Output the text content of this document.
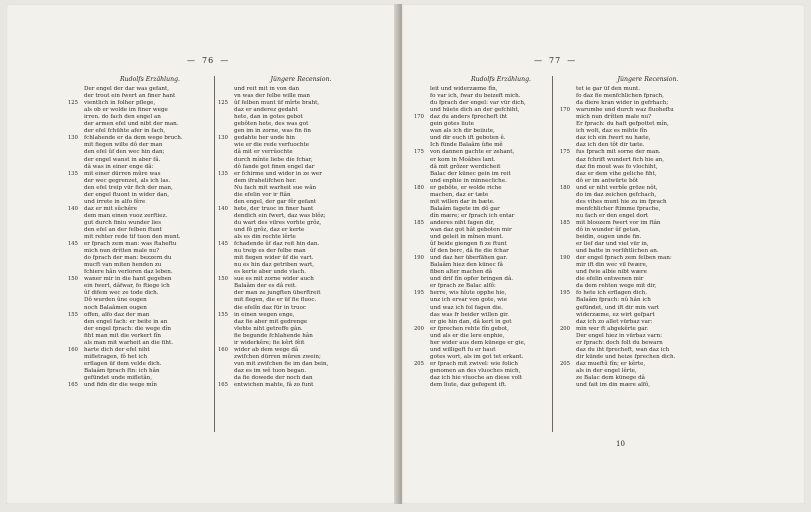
— 76 —
Rudolfs Erzählung.
Der engel der dar was gefant,
der trout ein fwert an finer hant
125	vientlich in folher pflege,
als ob er wolde im finer wege
irren. do fach den engel an
der armen efel und nibt der man.
der efel fchühte afer in fach,
130	fchlahende er da dem wege bruch.
mit fiegen wilte dô der man
den efel ûf den wec hin dan;
der engel wanst in aber fâ.
dâ was in einer enge dâ:
135	mit einer dürren mûre was
der wec gegrenzet, als ich las.
den efel treip vür fich der man,
der engel ftuont in wider dan,
und irrete in alfo fêre
140	daz er mit sûchêre
dem man einen vuoz zerftiez.
gut durch finiu wunder lies
den efel an der felben ftunt
mit rehter rede tif tuon den munt.
145	er fprach zem man: was ftaheftu
mich nun drítten male nu?
do fprach der man: bezzern du
mucft van miten henden zu
fchiere hân verloren daz leben.
150	waner mir in die hant gegeben
ein fwert, dâfwar, fo ftiege ich
ûf difem wec ze tode dich.
Dô wurden ûne ougen
noch Balaâmen ougen
155	offen, alfo daz der man
den engel fach: er beite in an
der engel fprach: die wege dîn
fiht man mit die verkert fîn
als man mit warheit an die fiht.
160	harte dich der efel niht
mifletragen, fô het ich
erflagen üf dem velde dich.
Balaâm fprach ftn: ich hân
gefündet unde mifletân,
165	und fidn dir die wege mîn
Jüngere Recension.
und reit mit in von dan
vn was der felbe wille man
125	ûf felben munt üf mîrte braht,
daz er anderez gedaht
hete, dan in gotes gebot
gebôten hete, des was got
gen im in zorne, was fin fin
130	gedahte her unde hin
wie er die rede verfuochte
dâ mit er verrûochte
durch mînte liebe die fchar,
dô fande got finen engel dar
135	er fchirme und wider in ze wer
dem ifrahelifchen her.
Nu fach mit warheit sue wân
die efelin vor ir ftân
den engel, der gar fêr gefant
140	hete, der truoc in finer hant
dendich ein fwert, daz was blôz;
du wart des vilres vorhte grôz,
und fô grôz, daz er kerte
als es din rechte lêrte
145	fchadende ûf daz reit hin dan.
nu treip es der felbe man
mit fiegen wider üf die vart.
nu es hin daz getriben wart,
es kerte aber unde vlach.
150	sue es mit zorne wider auch
Balaâm der es dâ reit.
der man ze jungften überftreit
mit flegen, die er üf fie fluoc.
die efelîn daz für in truoc
155	in einen wegen enge,
daz fie aber mit gedrenge
vlehte niht getreffe gân.
fie begunde fchlahende hân
ir widerkêre; fie kêrt fêit
160	wider ab dem wege dâ
zwifchen dürren mûren zwein;
vun mit zwifchen fie im dan bein,
daz es im wê tuon began.
da fie dowede der noch dan
165	entwichen mahte, fâ zo funt
— 77 —
Rudolfs Erzählung.
leit und widerzæme fîn,
fo var ich, fwar du beizeft mich.
du fprach der engel: var vür dich,
und hüete dich an der gefchiht,
170	daz du anders fprecheft iht
gein gotes liute
wan als ich dir beiiute,
und dir euch ift geboten ê.
Ich fünde Balaâm ûfie mê
175	von dannen gachte er zehant,
er kom in Moâbes lant.
dâ mit grôzer werdicheit
Balac der künec gein im reit
und enphie in minnecliche.
180	er gebôte, er wolde riche
machen, daz er tæte
mit willen dar in bæte.
Balaâm fagete im dô gar
dîn mære; er fprach ich entar
185	anderes niht fagen dir,
wan daz got hât geboten mir
und geleit in mînen munt.
ûf beide giengen fi ze ftunt
ûf den berc, dâ fie die fchar
190	und daz her überfähen gar.
Balaâm hiez den künec fâ
fiben alter machen dâ
und drif fîn opfer bringen dâ.
er fprach ze Balac alfô:
195	herre, wis hîute opphe hie,
unz ich ervar von gote, wie
und waz ich fol fagen die.
das was fr beider willen gir.
er gie hin dan, dâ kert in got
200	er fprechen rehte fîn gebot,
und als er die lere enphie,
her wider aus dem künege er gie,
und willigeft fu er haut
gotes wort, als im got tet erkant.
205	er fprach mit zwivel: wie folich
genomen an des vluoches mich,
daz ich hie vluoche an diese volt
dem liute, daz gefegent ift.
Jüngere Recension.
tet ie gar üf den munt.
fo daz fie menfchlichen fprach,
da diere kran wider in gefrhach;
170	warumbe und durch waz fluoheftu
mich nun drítten male nu?
Er fprach: du haft gefpottet mîn,
ich wolt, daz es mihte fîn
daz ich ein fwert nu hæte,
daz ich den tôt dir tæte.
175	fus fprach mit sorne der man.
daz fchrift wundert fich hie an,
daz fin mout was fo vlochiht,
daz er dem vihe geliche fiht,
dô er im antwürte bôt
180	und er niht verbîe gröze nôt,
do im daz zeichen gefchach,
des vihes munt hie zu im fprach
menfchlicher ftimme fprache,
nu fach er den engel dort
185	mit bloozem fwert vor im ftân
dô in wunder ûf getan,
beidin, ougen unde fin.
er lief dar und viel vür in,
und batte in vorlihtlichen an.
190	der engel fprach zem felben man:
mir ift din wec vil fwære,
und fwie albie nibt wære
die efelin entwenen mir
da dem rehten wege mit dir,
195	fo hete ich erflagen dich.
Balaâm fprach: nû hân ich
gefündet, und ift dir min vart
widerzæme, ez wirt gefpart
daz ich zo allet vürbaz var:
200	min wer ft abgekêrte gar.
Der engel hiez in vürbaz varn:
er fprach: doch folt du bewarn
daz du iht fprecheft, wan daz ich
dir künde und heize fprechen dich.
205	daz mueftû fîn; er kêrte,
als in der engel lêrte,
ze Balac dem künege dâ
und fait im din mære alfô,
10
